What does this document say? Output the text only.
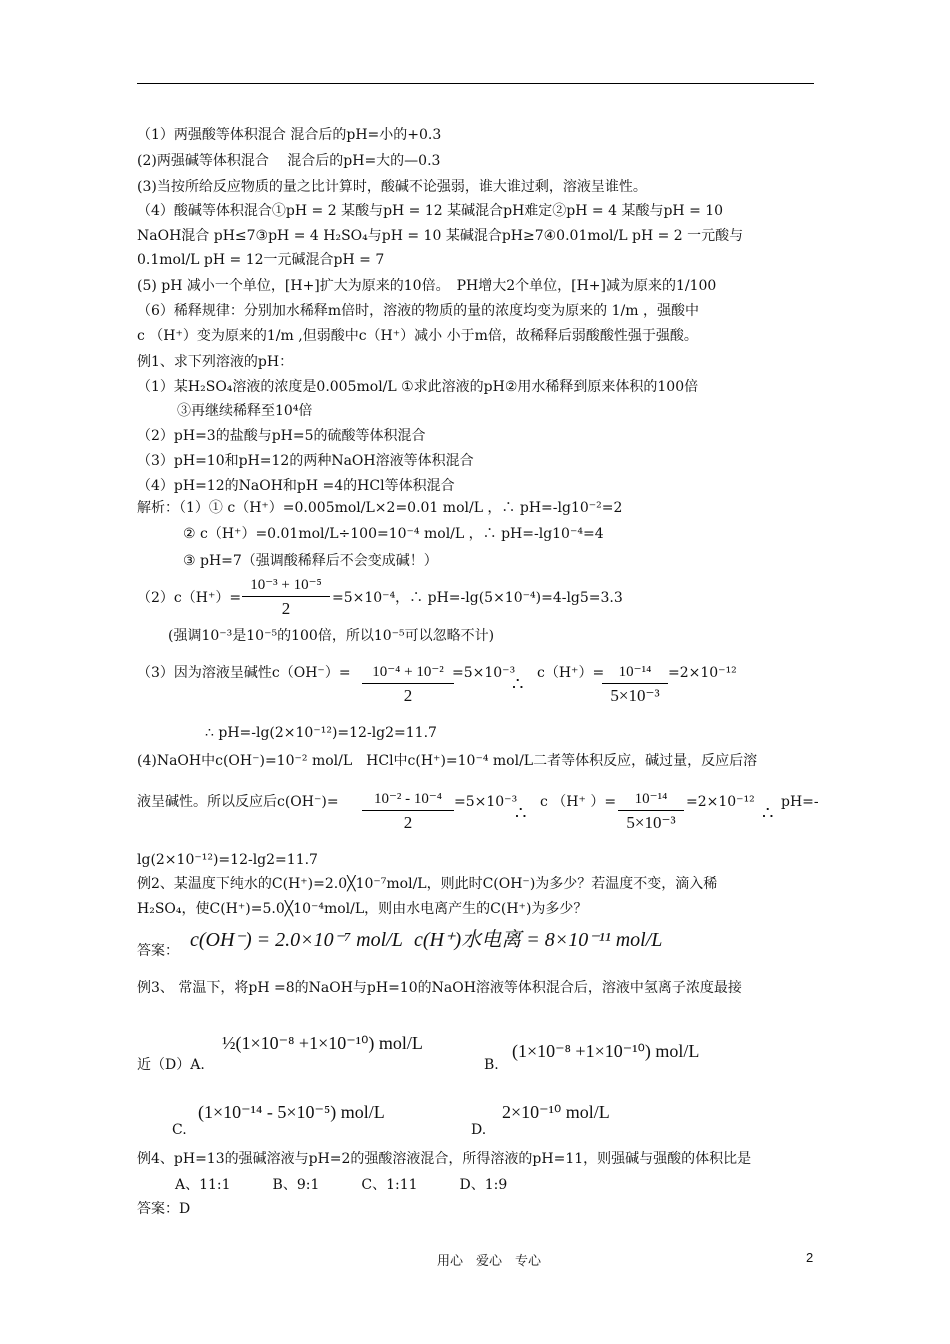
（1）两强酸等体积混合 混合后的pH=小的+0.3
(2)两强碱等体积混合　 混合后的pH=大的—0.3
(3)当按所给反应物质的量之比计算时，酸碱不论强弱，谁大谁过剩，溶液呈谁性。
（4）酸碱等体积混合①pH = 2 某酸与pH = 12 某碱混合pH难定②pH = 4 某酸与pH = 10
NaOH混合 pH≤7③pH = 4 H₂SO₄与pH = 10 某碱混合pH≥7④0.01mol/L pH = 2 一元酸与
0.1mol/L pH = 12一元碱混合pH = 7
(5) pH 减小一个单位，[H+]扩大为原来的10倍。　PH增大2个单位，[H+]减为原来的1/100
（6）稀释规律：分别加水稀释m倍时，溶液的物质的量的浓度均变为原来的 1/m ，强酸中
c （H⁺）变为原来的1/m ,但弱酸中c（H⁺）减小 小于m倍，故稀释后弱酸酸性强于强酸。
例1、求下列溶液的pH：
（1）某H₂SO₄溶液的浓度是0.005mol/L ①求此溶液的pH②用水稀释到原来体积的100倍
③再继续稀释至10⁴倍
（2）pH=3的盐酸与pH=5的硫酸等体积混合
（3）pH=10和pH=12的两种NaOH溶液等体积混合
（4）pH=12的NaOH和pH =4的HCl等体积混合
解析：（1）① c（H⁺）=0.005mol/L×2=0.01 mol/L ，∴ pH=-lg10⁻²=2
② c（H⁺）=0.01mol/L÷100=10⁻⁴ mol/L ，∴ pH=-lg10⁻⁴=4
③ pH=7（强调酸稀释后不会变成碱！）
（2）c（H⁺）=
10⁻³ + 10⁻⁵
2
=5×10⁻⁴，∴ pH=-lg(5×10⁻⁴)=4-lg5=3.3
(强调10⁻³是10⁻⁵的100倍，所以10⁻⁵可以忽略不计)
（3）因为溶液呈碱性c（OH⁻）=	10⁻⁴ + 10⁻²
2
=5×10⁻³
∴
c（H⁺）= 10⁻¹⁴
5×10⁻³
=2×10⁻¹²
∴ pH=-lg(2×10⁻¹²)=12-lg2=11.7
(4)NaOH中c(OH⁻)=10⁻² mol/L　HCl中c(H⁺)=10⁻⁴ mol/L二者等体积反应，碱过量，反应后溶
液呈碱性。所以反应后c(OH⁻)=	10⁻² - 10⁻⁴
2
=5×10⁻³
∴
c （H⁺ ）=	10⁻¹⁴
5×10⁻³
=2×10⁻¹²
∴
pH=-
lg(2×10⁻¹²)=12-lg2=11.7
例2、某温度下纯水的C(H⁺)=2.0╳10⁻⁷mol/L，则此时C(OH⁻)为多少？若温度不变，滴入稀
H₂SO₄，使C(H⁺)=5.0╳10⁻⁴mol/L，则由水电离产生的C(H⁺)为多少？
答案： c(OH⁻) = 2.0×10⁻⁷ mol/L c(H⁺)水电离 = 8×10⁻¹¹ mol/L
例3、 常温下，将pH =8的NaOH与pH=10的NaOH溶液等体积混合后，溶液中氢离子浓度最接
近（D）A.
½(1×10⁻⁸ +1×10⁻¹⁰) mol/L
B.
(1×10⁻⁸ +1×10⁻¹⁰) mol/L
C.
(1×10⁻¹⁴ - 5×10⁻⁵) mol/L
D.
2×10⁻¹⁰ mol/L
例4、pH=13的强碱溶液与pH=2的强酸溶液混合，所得溶液的pH=11，则强碱与强酸的体积比是
A、11:1　　　B、9:1　　　C、1:11　　　D、1:9
答案：D
用心　爱心　专心	2
